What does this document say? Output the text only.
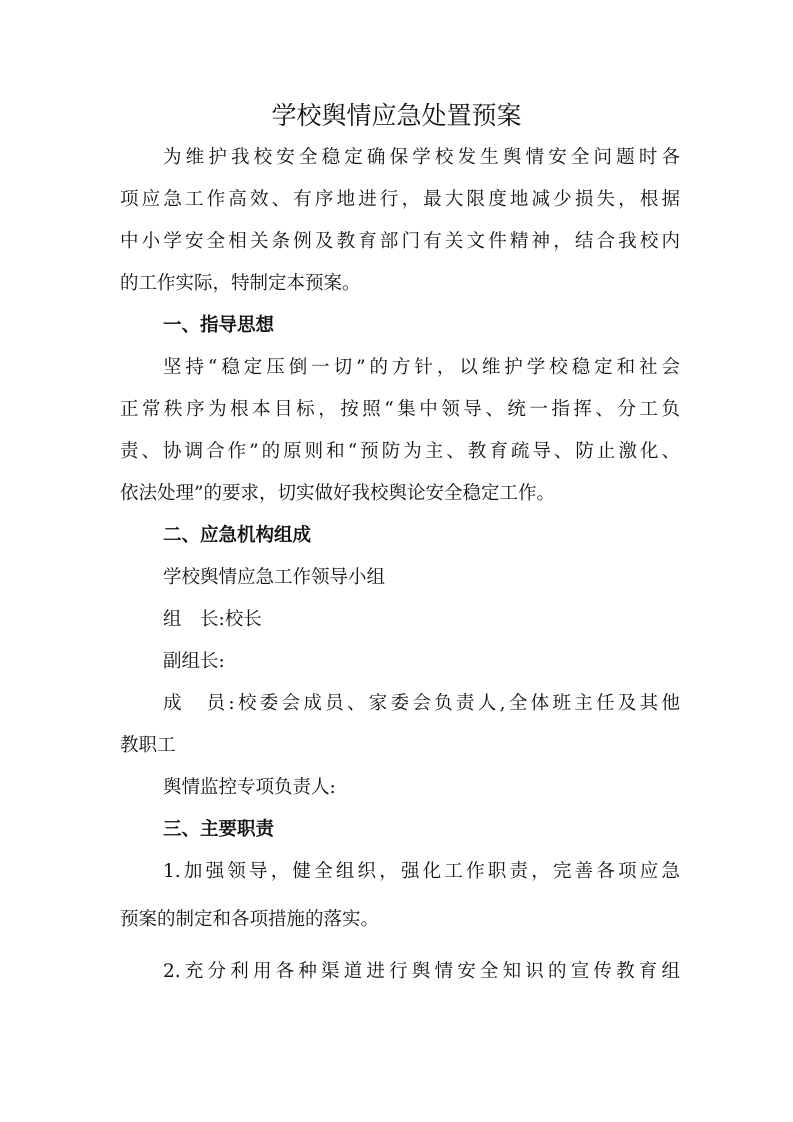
学校舆情应急处置预案
为维护我校安全稳定确保学校发生舆情安全问题时各
项应急工作高效、有序地进行，最大限度地减少损失，根据
中小学安全相关条例及教育部门有关文件精神，结合我校内
的工作实际，特制定本预案。
一、指导思想
坚持“稳定压倒一切”的方针，以维护学校稳定和社会
正常秩序为根本目标，按照“集中领导、统一指挥、分工负
责、协调合作”的原则和“预防为主、教育疏导、防止激化、
依法处理”的要求，切实做好我校舆论安全稳定工作。
二、应急机构组成
学校舆情应急工作领导小组
组　长:校长
副组长:
成　员:校委会成员、家委会负责人,全体班主任及其他
教职工
舆情监控专项负责人:
三、主要职责
1.加强领导，健全组织，强化工作职责，完善各项应急
预案的制定和各项措施的落实。
2.充分利用各种渠道进行舆情安全知识的宣传教育组
